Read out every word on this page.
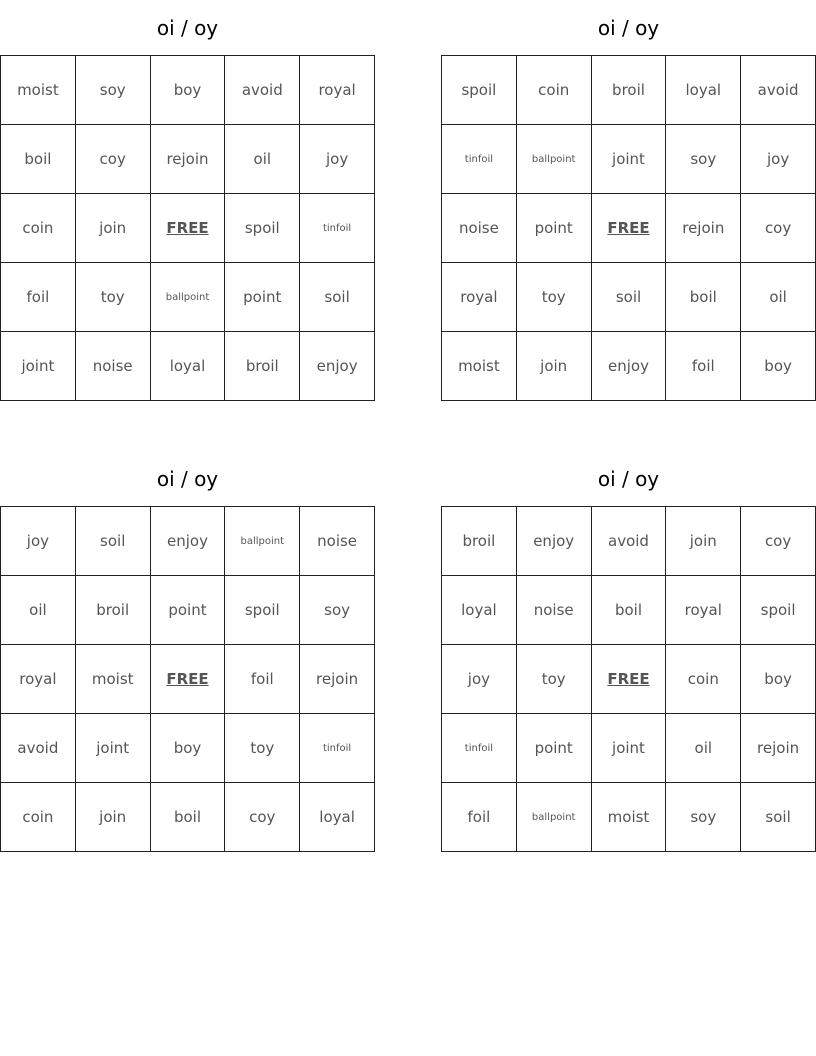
oi / oy
moist	soy	boy	avoid	royal
boil	coy	rejoin	oil	joy
coin	join	FREE	spoil	tinfoil
foil	toy	ballpoint	point	soil
joint	noise	loyal	broil	enjoy
oi / oy
spoil	coin	broil	loyal	avoid
tinfoil	ballpoint	joint	soy	joy
noise	point	FREE	rejoin	coy
royal	toy	soil	boil	oil
moist	join	enjoy	foil	boy
oi / oy
joy	soil	enjoy	ballpoint	noise
oil	broil	point	spoil	soy
royal	moist	FREE	foil	rejoin
avoid	joint	boy	toy	tinfoil
coin	join	boil	coy	loyal
oi / oy
broil	enjoy	avoid	join	coy
loyal	noise	boil	royal	spoil
joy	toy	FREE	coin	boy
tinfoil	point	joint	oil	rejoin
foil	ballpoint	moist	soy	soil
